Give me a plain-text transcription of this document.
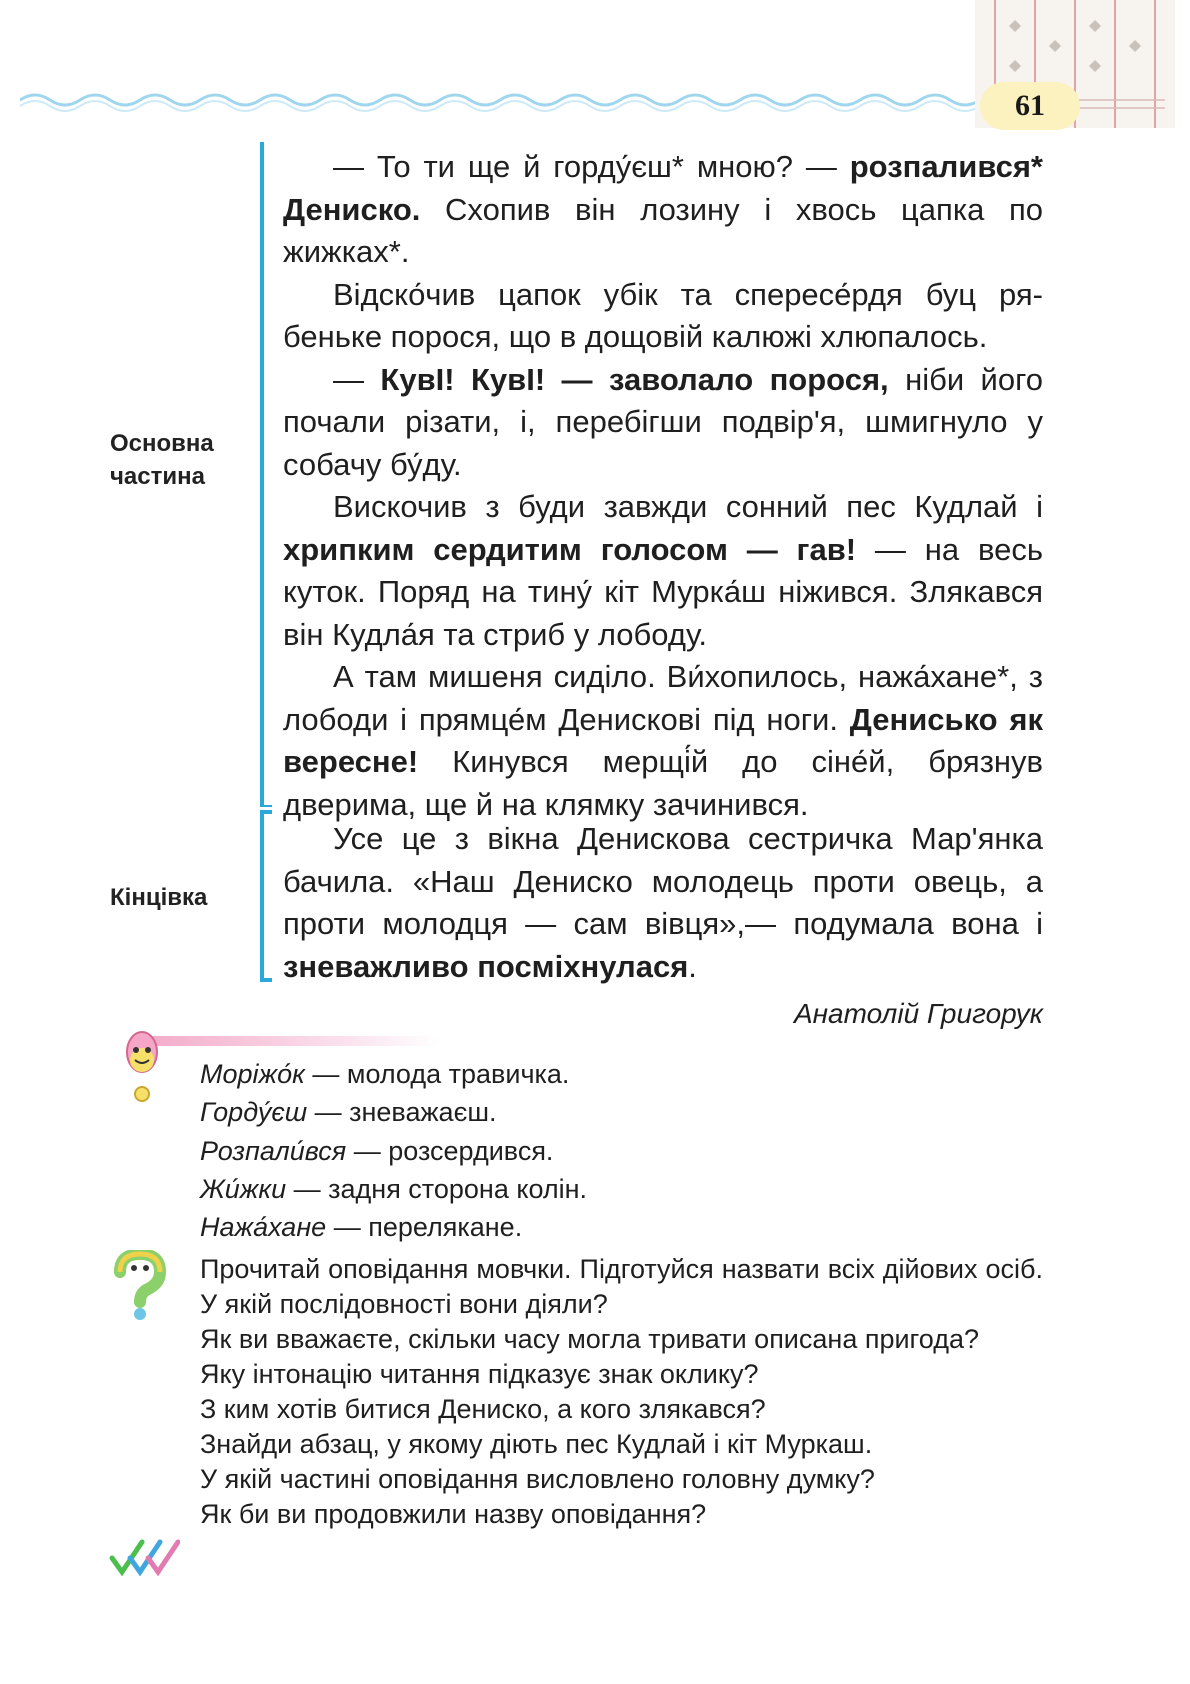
61
Основна
частина
Кінцівка

— То ти ще й горду́єш* мною? — розпалився* Дениско. Схопив він лозину і хвось цапка по жижках*.

Відско́чив цапок убік та спересе́рдя буц рябеньке порося, що в дощовій калюжі хлюпалось.

— КувІ! КувІ! — заволало порося, ніби його почали різати, і, перебігши подвір'я, шмигнуло у собачу бу́ду.

Вискочив з буди завжди сонний пес Кудлай і хрипким сердитим голосом — гав! — на весь куток. Поряд на тину́ кіт Мурка́ш ніжився. Злякався він Кудла́я та стриб у лободу.

А там мишеня сиділо. Ви́хопилось, нажа́хане*, з лободи і прямце́м Денискові під ноги. Денисько як вересне! Кинувся мерщі́й до сіне́й, брязнув дверима, ще й на клямку зачинився.

Усе це з вікна Денискова сестричка Мар'янка бачила. «Наш Дениско молодець проти овець, а проти молодця — сам вівця»,— подумала вона і зневажливо посміхнулася.

Анатолій Григорук
Моріжо́к — молода травичка.
Горду́єш — зневажаєш.
Розпали́вся — розсердився.
Жи́жки — задня сторона колін.
Нажа́хане — переляканe.
Прочитай оповідання мовчки. Підготуйся назвати всіх дійових осіб. У якій послідовності вони діяли?
Як ви вважаєте, скільки часу могла тривати описана пригода?
Яку інтонацію читання підказує знак оклику?
З ким хотів битися Дениско, а кого злякався?
Знайди абзац, у якому діють пес Кудлай і кіт Муркаш.
У якій частині оповідання висловлено головну думку?
Як би ви продовжили назву оповідання?
